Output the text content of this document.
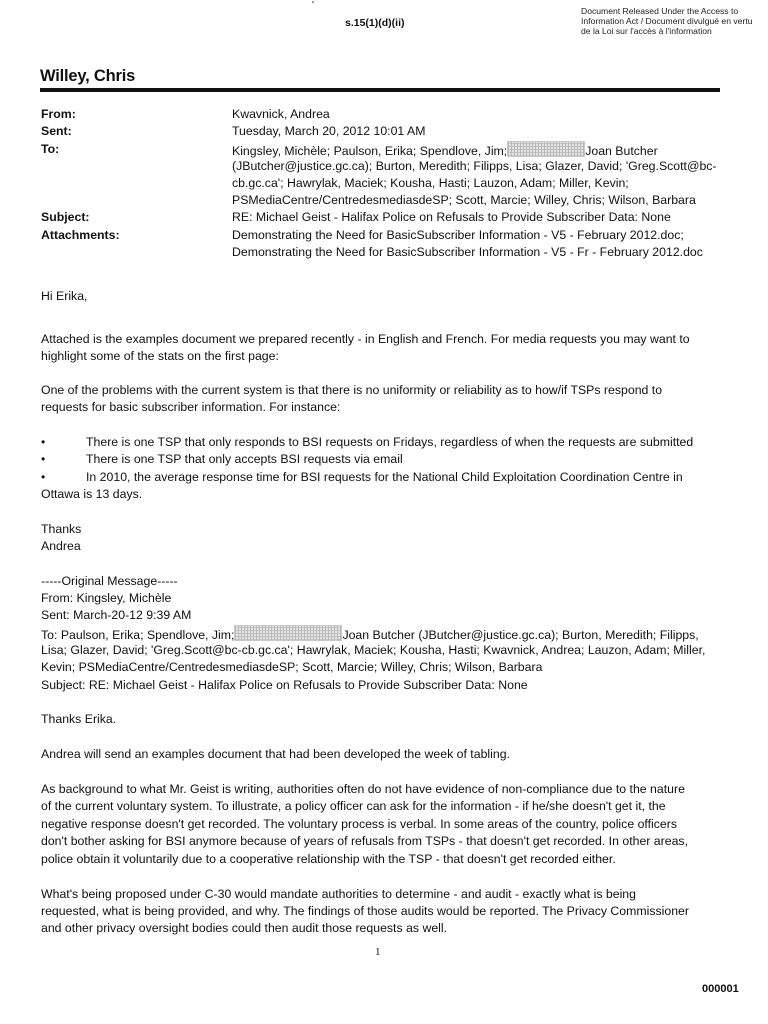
'
s.15(1)(d)(ii)
Document Released Under the Access to
Information Act / Document divulgué en vertu
de la Loi sur l'accès à l'information
Willey, Chris
From:	Kwavnick, Andrea
Sent:	Tuesday, March 20, 2012 10:01 AM
To:	Kingsley, Michèle; Paulson, Erika; Spendlove, Jim;	Joan Butcher
(JButcher@justice.gc.ca); Burton, Meredith; Filipps, Lisa; Glazer, David; 'Greg.Scott@bc-
cb.gc.ca'; Hawrylak, Maciek; Kousha, Hasti; Lauzon, Adam; Miller, Kevin;
PSMediaCentre/CentredesmediasdeSP; Scott, Marcie; Willey, Chris; Wilson, Barbara
Subject:	RE: Michael Geist - Halifax Police on Refusals to Provide Subscriber Data: None
Attachments:	Demonstrating the Need for BasicSubscriber Information - V5 - February 2012.doc;
Demonstrating the Need for BasicSubscriber Information - V5 - Fr - February 2012.doc
Hi Erika,
Attached is the examples document we prepared recently - in English and French. For media requests you may want to
highlight some of the stats on the first page:
One of the problems with the current system is that there is no uniformity or reliability as to how/if TSPs respond to
requests for basic subscriber information. For instance:
•	There is one TSP that only responds to BSI requests on Fridays, regardless of when the requests are submitted
•	There is one TSP that only accepts BSI requests via email
•	In 2010, the average response time for BSI requests for the National Child Exploitation Coordination Centre in
Ottawa is 13 days.
Thanks
Andrea
-----Original Message-----
From: Kingsley, Michèle
Sent: March-20-12 9:39 AM
To: Paulson, Erika; Spendlove, Jim;	Joan Butcher (JButcher@justice.gc.ca); Burton, Meredith; Filipps,
Lisa; Glazer, David; 'Greg.Scott@bc-cb.gc.ca'; Hawrylak, Maciek; Kousha, Hasti; Kwavnick, Andrea; Lauzon, Adam; Miller,
Kevin; PSMediaCentre/CentredesmediasdeSP; Scott, Marcie; Willey, Chris; Wilson, Barbara
Subject: RE: Michael Geist - Halifax Police on Refusals to Provide Subscriber Data: None
Thanks Erika.
Andrea will send an examples document that had been developed the week of tabling.
As background to what Mr. Geist is writing, authorities often do not have evidence of non-compliance due to the nature
of the current voluntary system. To illustrate, a policy officer can ask for the information - if he/she doesn't get it, the
negative response doesn't get recorded. The voluntary process is verbal. In some areas of the country, police officers
don't bother asking for BSI anymore because of years of refusals from TSPs - that doesn't get recorded. In other areas,
police obtain it voluntarily due to a cooperative relationship with the TSP - that doesn't get recorded either.
What's being proposed under C-30 would mandate authorities to determine - and audit - exactly what is being
requested, what is being provided, and why. The findings of those audits would be reported. The Privacy Commissioner
and other privacy oversight bodies could then audit those requests as well.
1
000001
